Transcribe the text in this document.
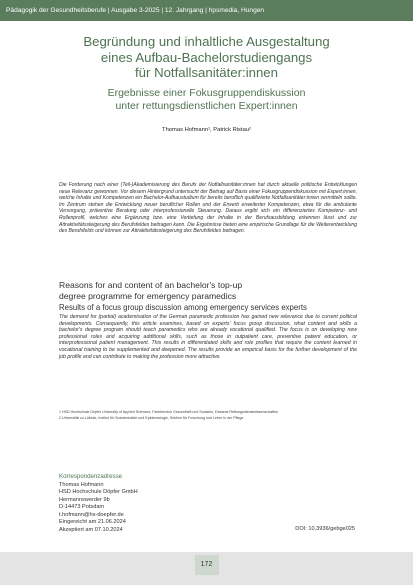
Pädagogik der Gesundheitsberufe | Ausgabe 3-2025 | 12. Jahrgang | hpsmedia, Hungen
Begründung und inhaltliche Ausgestaltung
eines Aufbau-Bachelorstudiengangs
für Notfallsanitäter:innen
Ergebnisse einer Fokusgruppendiskussion
unter rettungsdienstlichen Expert:innen
Thomas Hofmann¹, Patrick Ristau²
Die Forderung nach einer (Teil-)Akademisierung des Berufs der Notfallsanitäter:innen hat durch aktuelle politische Entwicklungen neue Relevanz gewonnen. Vor diesem Hintergrund untersucht der Beitrag auf Basis einer Fokusgruppendiskussion mit Expert:innen, welche Inhalte und Kompetenzen ein Bachelor-Aufbaustudium für bereits beruflich qualifizierte Notfallsanitäter:innen vermitteln sollte. Im Zentrum stehen die Entwicklung neuer beruflicher Rollen und der Erwerb erweiterter Kompetenzen, etwa für die ambulante Versorgung, präventive Beratung oder interprofessionelle Steuerung. Daraus ergibt sich ein differenziertes Kompetenz- und Rollenprofil, welches eine Ergänzung bzw. eine Vertiefung der Inhalte in der Berufsausbildung erkennen lässt und zur Attraktivitätssteigerung des Berufsfeldes beitragen kann. Die Ergebnisse bieten eine empirische Grundlage für die Weiterentwicklung des Berufsfelds und können zur Attraktivitätssteigerung des Berufsfeldes beitragen.
Reasons for and content of an bachelor's top-up
degree programme for emergency paramedics
Results of a focus group discussion among emergency services experts
The demand for (partial) academisation of the German paramedic profession has gained new relevance due to current political developments. Consequently, this article examines, based on experts' focus group discussion, what content and skills a bachelor's degree program should teach paramedics who are already vocational qualified. The focus is on developing new professional roles and acquiring additional skills, such as those in outpatient care, preventive patient education, or interprofessional patient management. This results in differentiated skills and role profiles that require the content learned in vocational training to be supplemented and deepened. The results provide an empirical basis for the further development of the job profile and can contribute to making the profession more attractive.
1 HSD Hochschule Döpfer University of Applied Sciences, Fachbereich Gesundheit und Soziales, Dekanat Rettungsdienstwissenschaften
2 Universität zu Lübeck, Institut für Sozialmedizin und Epidemiologie, Sektion für Forschung und Lehre in der Pflege
Korrespondenzadresse
Thomas Hofmann
HSD Hochschule Döpfer GmbH
Hermannswerder 9b
D-14473 Potsdam
t.hofmann@hs-doepfer.de
Eingereicht am 21.06.2024
Akzeptiert am 07.10.2024	DOI: 10.3936/gebge025
172
